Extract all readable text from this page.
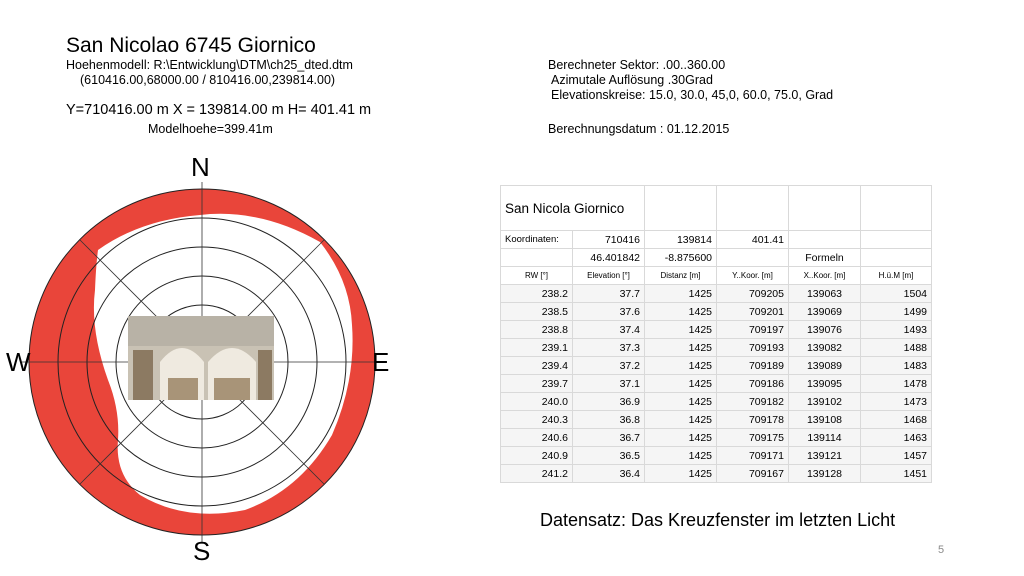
San Nicolao 6745 Giornico
Hoehenmodell: R:\Entwicklung\DTM\ch25_dted.dtm
(610416.00,68000.00 / 810416.00,239814.00)
Y=710416.00 m X = 139814.00 m H= 401.41 m
Modelhoehe=399.41m
Berechneter Sektor: .00..360.00
Azimutale Auflösung .30Grad
Elevationskreise: 15.0, 30.0, 45,0, 60.0, 75.0, Grad
Berechnungsdatum : 01.12.2015
N
S
E
W
San Nicola Giornico					
Koordinaten:	710416	139814	401.41		
	46.401842	-8.875600		Formeln	
RW [°]	Elevation [°]	Distanz [m]	Y..Koor. [m]	X..Koor. [m]	H.ü.M [m]
238.2	37.7	1425	709205	139063	1504
238.5	37.6	1425	709201	139069	1499
238.8	37.4	1425	709197	139076	1493
239.1	37.3	1425	709193	139082	1488
239.4	37.2	1425	709189	139089	1483
239.7	37.1	1425	709186	139095	1478
240.0	36.9	1425	709182	139102	1473
240.3	36.8	1425	709178	139108	1468
240.6	36.7	1425	709175	139114	1463
240.9	36.5	1425	709171	139121	1457
241.2	36.4	1425	709167	139128	1451
Datensatz: Das Kreuzfenster im letzten Licht
5
